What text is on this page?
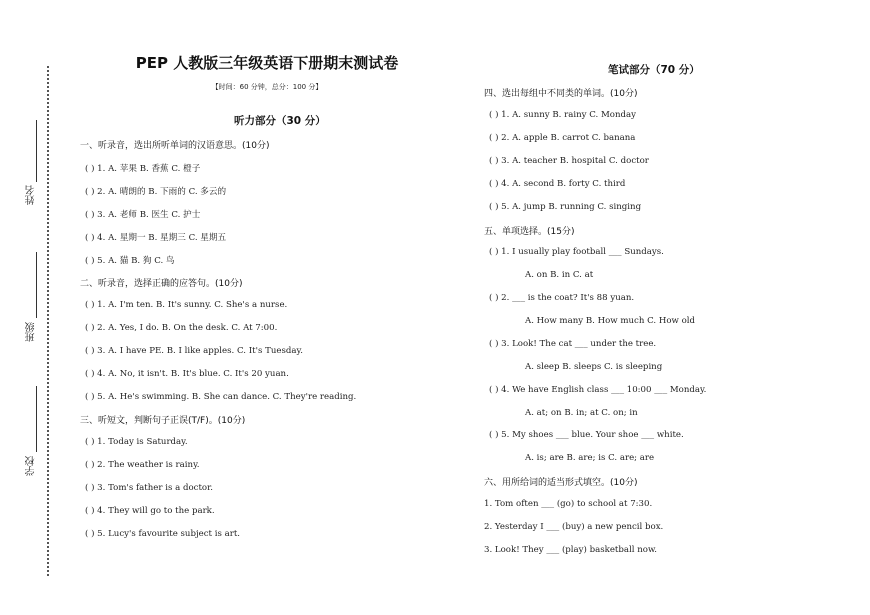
姓名
班级
学校
PEP 人教版三年级英语下册期末测试卷
【时间：60 分钟，总分：100 分】
听力部分（30 分）
一、听录音，选出所听单词的汉语意思。(10分)
( ) 1. A. 苹果 B. 香蕉 C. 橙子
( ) 2. A. 晴朗的 B. 下雨的 C. 多云的
( ) 3. A. 老师 B. 医生 C. 护士
( ) 4. A. 星期一 B. 星期三 C. 星期五
( ) 5. A. 猫 B. 狗 C. 鸟
二、听录音，选择正确的应答句。(10分)
( ) 1. A. I'm ten. B. It's sunny. C. She's a nurse.
( ) 2. A. Yes, I do. B. On the desk. C. At 7:00.
( ) 3. A. I have PE. B. I like apples. C. It's Tuesday.
( ) 4. A. No, it isn't. B. It's blue. C. It's 20 yuan.
( ) 5. A. He's swimming. B. She can dance. C. They're reading.
三、听短文，判断句子正误(T/F)。(10分)
( ) 1. Today is Saturday.
( ) 2. The weather is rainy.
( ) 3. Tom's father is a doctor.
( ) 4. They will go to the park.
( ) 5. Lucy's favourite subject is art.
笔试部分（70 分）
四、选出每组中不同类的单词。(10分)
( ) 1. A. sunny B. rainy C. Monday
( ) 2. A. apple B. carrot C. banana
( ) 3. A. teacher B. hospital C. doctor
( ) 4. A. second B. forty C. third
( ) 5. A. jump B. running C. singing
五、单项选择。(15分)
( ) 1. I usually play football ___ Sundays.
A. on B. in C. at
( ) 2. ___ is the coat? It's 88 yuan.
A. How many B. How much C. How old
( ) 3. Look! The cat ___ under the tree.
A. sleep B. sleeps C. is sleeping
( ) 4. We have English class ___ 10:00 ___ Monday.
A. at; on B. in; at C. on; in
( ) 5. My shoes ___ blue. Your shoe ___ white.
A. is; are B. are; is C. are; are
六、用所给词的适当形式填空。(10分)
1. Tom often ___ (go) to school at 7:30.
2. Yesterday I ___ (buy) a new pencil box.
3. Look! They ___ (play) basketball now.
